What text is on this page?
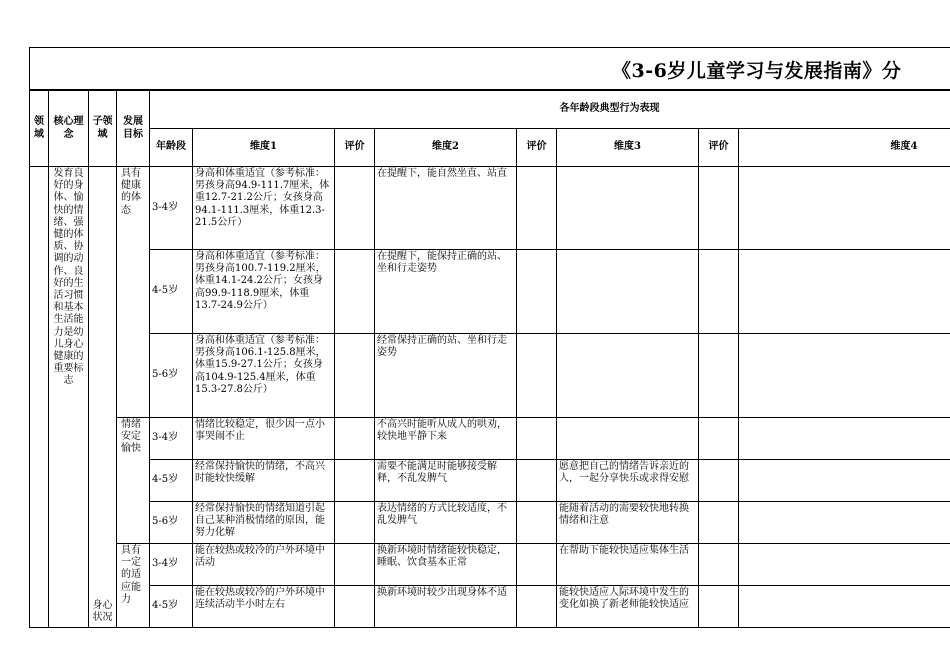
《3-6岁儿童学习与发展指南》分
领域	核心理念	子领域	发展目标	各年龄段典型行为表现							
				年龄段	维度1	评价	维度2	评价	维度3	评价	维度4
	发育良好的身体、愉快的情绪、强健的体质、协调的动作、良好的生活习惯和基本生活能力是幼儿身心健康的重要标志	身心状况	具有健康的体态	3-4岁	身高和体重适宜（参考标准：男孩身高94.9-111.7厘米，体重12.7-21.2公斤；女孩身高94.1-111.3厘米，体重12.3-21.5公斤）		在提醒下，能自然坐直、站直				
				4-5岁	身高和体重适宜（参考标准：男孩身高100.7-119.2厘米，体重14.1-24.2公斤；女孩身高99.9-118.9厘米，体重13.7-24.9公斤）		在提醒下，能保持正确的站、坐和行走姿势				
				5-6岁	身高和体重适宜（参考标准：男孩身高106.1-125.8厘米，体重15.9-27.1公斤；女孩身高104.9-125.4厘米，体重15.3-27.8公斤）		经常保持正确的站、坐和行走姿势				
			情绪安定愉快	3-4岁	情绪比较稳定，很少因一点小事哭闹不止		不高兴时能听从成人的哄劝，较快地平静下来				
				4-5岁	经常保持愉快的情绪，不高兴时能较快缓解		需要不能满足时能够接受解释，不乱发脾气		愿意把自己的情绪告诉亲近的人，一起分享快乐或求得安慰		
				5-6岁	经常保持愉快的情绪知道引起自己某种消极情绪的原因，能努力化解		表达情绪的方式比较适度，不乱发脾气		能随着活动的需要较快地转换情绪和注意		
			具有一定的适应能力	3-4岁	能在较热或较冷的户外环境中活动		换新环境时情绪能较快稳定，睡眠、饮食基本正常		在帮助下能较快适应集体生活		
				4-5岁	能在较热或较冷的户外环境中连续活动半小时左右		换新环境时较少出现身体不适		能较快适应人际环境中发生的变化如换了新老师能较快适应		
